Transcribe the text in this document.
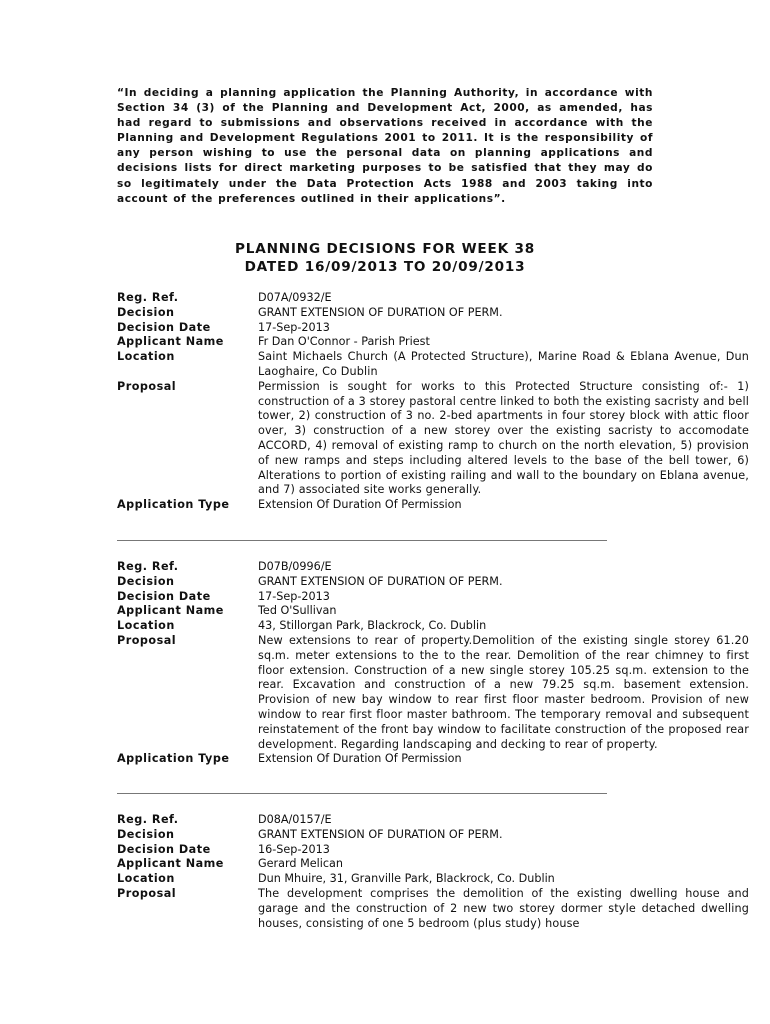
“In deciding a planning application the Planning Authority, in accordance with Section 34 (3) of the Planning and Development Act, 2000, as amended, has had regard to submissions and observations received in accordance with the Planning and Development Regulations 2001 to 2011. It is the responsibility of any person wishing to use the personal data on planning applications and decisions lists for direct marketing purposes to be satisfied that they may do so legitimately under the Data Protection Acts 1988 and 2003 taking into account of the preferences outlined in their applications”.
PLANNING DECISIONS FOR WEEK 38
DATED 16/09/2013 TO 20/09/2013
Reg. Ref.	D07A/0932/E
Decision	GRANT EXTENSION OF DURATION OF PERM.
Decision Date	17-Sep-2013
Applicant Name	Fr Dan O'Connor - Parish Priest
Location	Saint Michaels Church (A Protected Structure), Marine Road & Eblana Avenue, Dun Laoghaire, Co Dublin
Proposal	Permission is sought for works to this Protected Structure consisting of:- 1) construction of a 3 storey pastoral centre linked to both the existing sacristy and bell tower, 2) construction of 3 no. 2-bed apartments in four storey block with attic floor over, 3) construction of a new storey over the existing sacristy to accomodate ACCORD, 4) removal of existing ramp to church on the north elevation, 5) provision of new ramps and steps including altered levels to the base of the bell tower, 6) Alterations to portion of existing railing and wall to the boundary on Eblana avenue, and 7) associated site works generally.
Application Type	Extension Of Duration Of Permission
Reg. Ref.	D07B/0996/E
Decision	GRANT EXTENSION OF DURATION OF PERM.
Decision Date	17-Sep-2013
Applicant Name	Ted O'Sullivan
Location	43, Stillorgan Park, Blackrock, Co. Dublin
Proposal	New extensions to rear of property.Demolition of the existing single storey 61.20 sq.m. meter extensions to the to the rear. Demolition of the rear chimney to first floor extension. Construction of a new single storey 105.25 sq.m. extension to the rear. Excavation and construction of a new 79.25 sq.m. basement extension. Provision of new bay window to rear first floor master bedroom. Provision of new window to rear first floor master bathroom. The temporary removal and subsequent reinstatement of the front bay window to facilitate construction of the proposed rear development. Regarding landscaping and decking to rear of property.
Application Type	Extension Of Duration Of Permission
Reg. Ref.	D08A/0157/E
Decision	GRANT EXTENSION OF DURATION OF PERM.
Decision Date	16-Sep-2013
Applicant Name	Gerard Melican
Location	Dun Mhuire, 31, Granville Park, Blackrock, Co. Dublin
Proposal	The development comprises the demolition of the existing dwelling house and garage and the construction of 2 new two storey dormer style detached dwelling houses, consisting of one 5 bedroom (plus study) house
